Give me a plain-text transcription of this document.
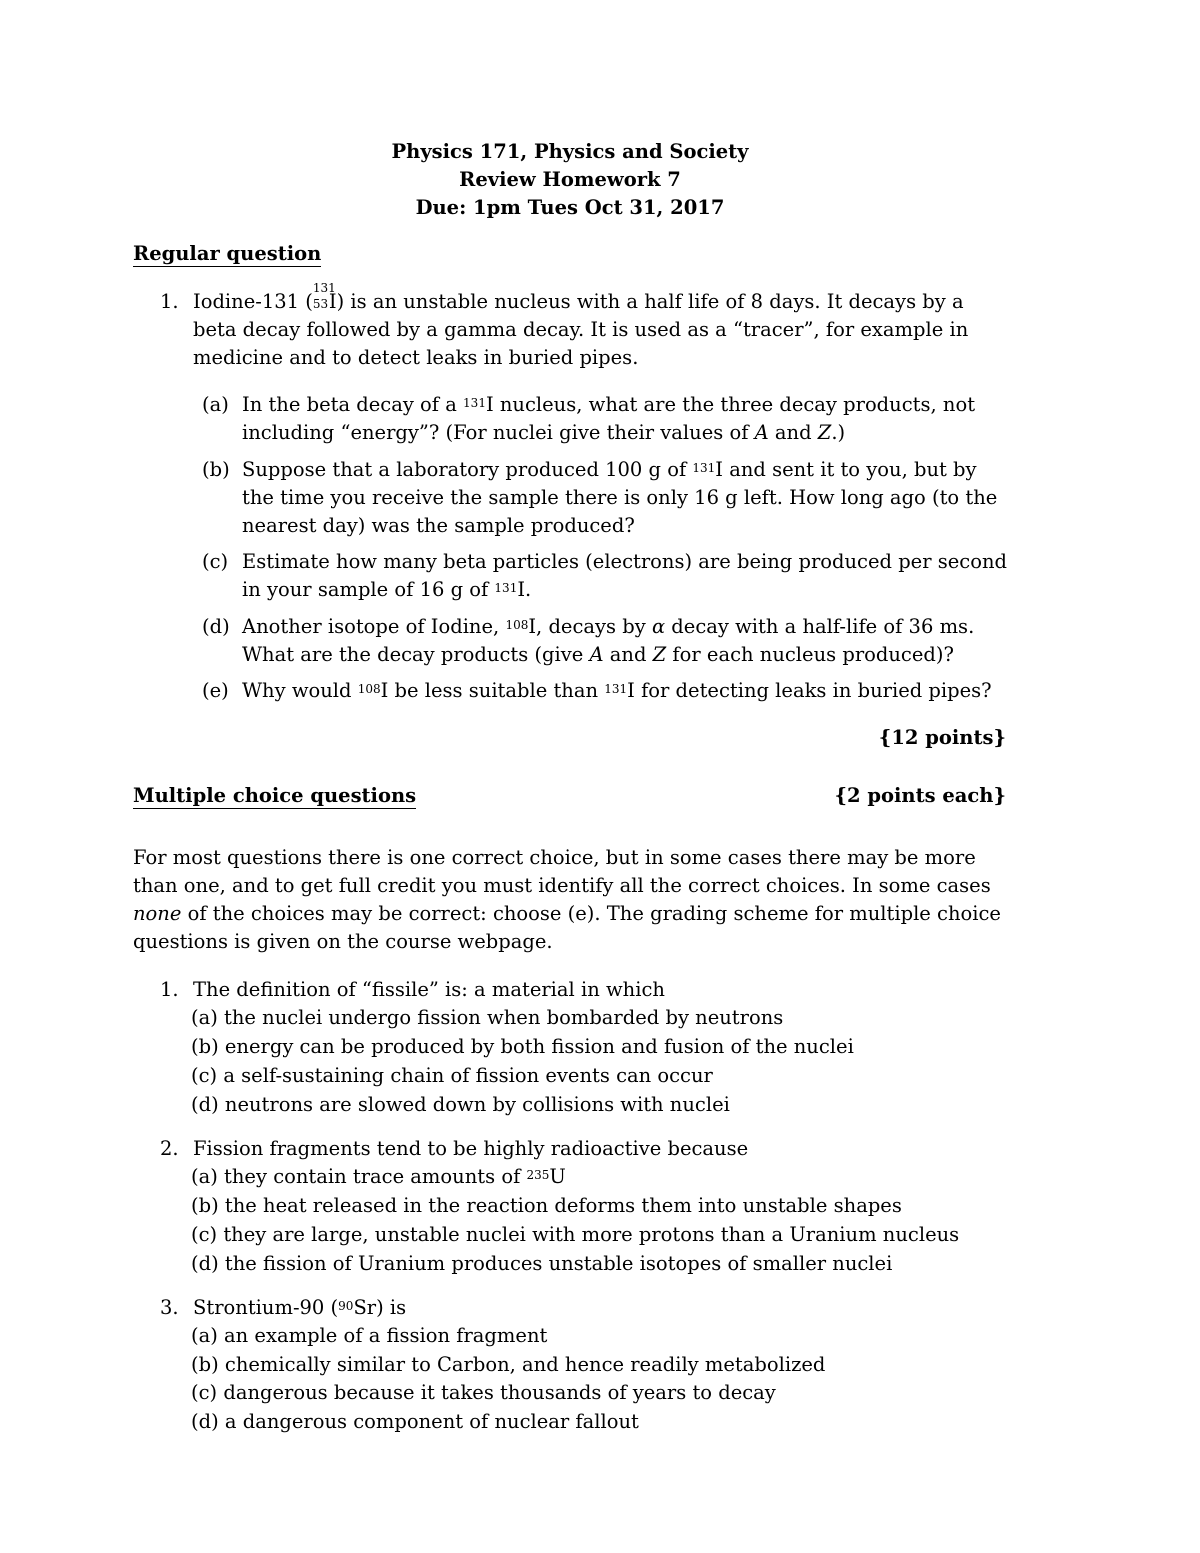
Physics 171, Physics and Society
Review Homework 7
Due: 1pm Tues Oct 31, 2017
Regular question
1. Iodine-131 (
131
53 I) is an unstable nucleus with a half life of 8 days. It decays by a
beta decay followed by a gamma decay. It is used as a “tracer”, for example in
medicine and to detect leaks in buried pipes.
(a) In the beta decay of a $^{131}$I nucleus, what are the three decay products, not
including “energy”? (For nuclei give their values of A and Z.)
(b) Suppose that a laboratory produced 100 g of $^{131}$I and sent it to you, but by
the time you receive the sample there is only 16 g left. How long ago (to the
nearest day) was the sample produced?
(c) Estimate how many beta particles (electrons) are being produced per second
in your sample of 16 g of $^{131}$I.
(d) Another isotope of Iodine, $^{108}$I, decays by α decay with a half-life of 36 ms.
What are the decay products (give A and Z for each nucleus produced)?
(e) Why would $^{108}$I be less suitable than $^{131}$I for detecting leaks in buried pipes?
{12 points}
Multiple choice questions	{2 points each}
For most questions there is one correct choice, but in some cases there may be more
than one, and to get full credit you must identify all the correct choices. In some cases
none of the choices may be correct: choose (e). The grading scheme for multiple choice
questions is given on the course webpage.
1. The definition of “fissile” is: a material in which
(a) the nuclei undergo fission when bombarded by neutrons
(b) energy can be produced by both fission and fusion of the nuclei
(c) a self-sustaining chain of fission events can occur
(d) neutrons are slowed down by collisions with nuclei
2. Fission fragments tend to be highly radioactive because
(a) they contain trace amounts of $^{235}$U
(b) the heat released in the reaction deforms them into unstable shapes
(c) they are large, unstable nuclei with more protons than a Uranium nucleus
(d) the fission of Uranium produces unstable isotopes of smaller nuclei
3. Strontium-90 ($^{90}$Sr) is
(a) an example of a fission fragment
(b) chemically similar to Carbon, and hence readily metabolized
(c) dangerous because it takes thousands of years to decay
(d) a dangerous component of nuclear fallout
